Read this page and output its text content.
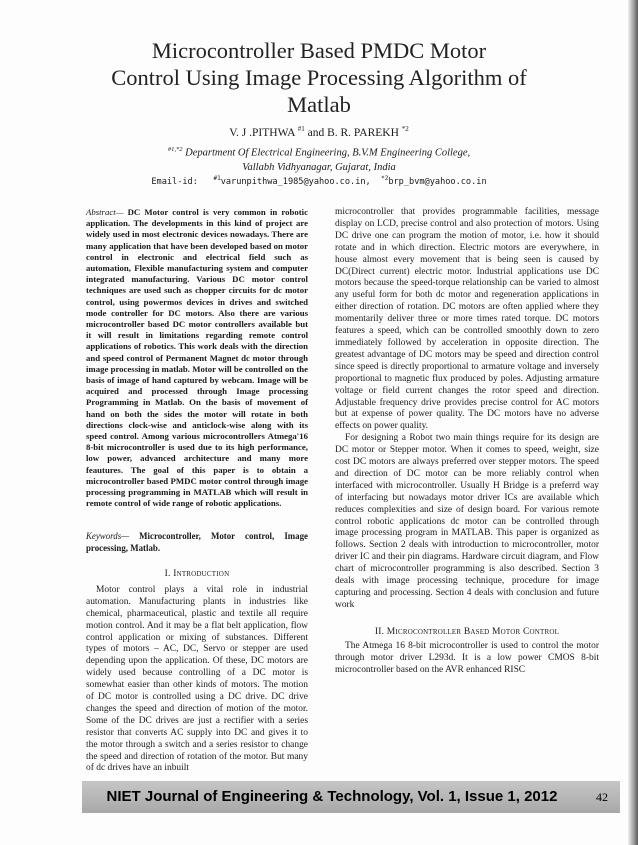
Microcontroller Based PMDC Motor
Control Using Image Processing Algorithm of
Matlab
V. J .PITHWA $^{\#1}$ and B. R. PAREKH $^{*2}$
$^{\#1,*2}$ Department Of Electrical Engineering, B.V.M Engineering College,
Vallabh Vidhyanagar, Gujarat, India
Email-id:	$^{\#1}$varunpithwa_1985@yahoo.co.in, $^{*2}$brp_bvm@yahoo.co.in

Abstract— DC Motor control is very common in robotic application. The developments in this kind of project are widely used in most electronic devices nowadays. There are many application that have been developed based on motor control in electronic and electrical field such as automation, Flexible manufacturing system and computer integrated manufacturing. Various DC motor control techniques are used such as chopper circuits for dc motor control, using powermos devices in drives and switched mode controller for DC motors. Also there are various microcontroller based DC motor controllers available but it will result in limitations regarding remote control applications of robotics. This work deals with the direction and speed control of Permanent Magnet dc motor through image processing in matlab. Motor will be controlled on the basis of image of hand captured by webcam. Image will be acquired and processed through Image processing Programming in Matlab. On the basis of movement of hand on both the sides the motor will rotate in both directions clock-wise and anticlock-wise along with its speed control. Among various microcontrollers Atmega'16 8-bit microcontroller is used due to its high performance, low power, advanced architecture and many more feautures. The goal of this paper is to obtain a microcontroller based PMDC motor control through image processing programming in MATLAB which will result in remote control of wide range of robotic applications.

Keywords— Microcontroller, Motor control, Image processing, Matlab.

I. Introduction

Motor control plays a vital role in industrial automation. Manufacturing plants in industries like chemical, pharmaceutical, plastic and textile all require motion control. And it may be a flat belt application, flow control application or mixing of substances. Different types of motors – AC, DC, Servo or stepper are used depending upon the application. Of these, DC motors are widely used because controlling of a DC motor is somewhat easier than other kinds of motors. The motion of DC motor is controlled using a DC drive. DC drive changes the speed and direction of motion of the motor. Some of the DC drives are just a rectifier with a series resistor that converts AC supply into DC and gives it to the motor through a switch and a series resistor to change the speed and direction of rotation of the motor. But many of dc drives have an inbuilt

microcontroller that provides programmable facilities, message display on LCD, precise control and also protection of motors. Using DC drive one can program the motion of motor, i.e. how it should rotate and in which direction. Electric motors are everywhere, in house almost every movement that is being seen is caused by DC(Direct current) electric motor. Industrial applications use DC motors because the speed-torque relationship can be varied to almost any useful form for both dc motor and regeneration applications in either direction of rotation. DC motors are often applied where they momentarily deliver three or more times rated torque. DC motors features a speed, which can be controlled smoothly down to zero immediately followed by acceleration in opposite direction. The greatest advantage of DC motors may be speed and direction control since speed is directly proportional to armature voltage and inversely proportional to magnetic flux produced by poles. Adjusting armature voltage or field current changes the rotor speed and direction. Adjustable frequency drive provides precise control for AC motors but at expense of power quality. The DC motors have no adverse effects on power quality.

For designing a Robot two main things require for its design are DC motor or Stepper motor. When it comes to speed, weight, size cost DC motors are always preferred over stepper motors. The speed and direction of DC motor can be more reliably control when interfaced with microcontroller. Usually H Bridge is a preferrd way of interfacing but nowadays motor driver ICs are available which reduces complexities and size of design board. For various remote control robotic applications dc motor can be controlled through image processing program in MATLAB. This paper is organized as follows. Section 2 deals with introduction to microcontroller, motor driver IC and their pin diagrams. Hardware circuit diagram, and Flow chart of microcontroller programming is also described. Section 3 deals with image processing technique, procedure for image capturing and processing. Section 4 deals with conclusion and future work

II. Microcontroller Based Motor Control

The Atmega 16 8-bit microcontroller is used to control the motor through motor driver L293d. It is a low power CMOS 8-bit microcontroller based on the AVR enhanced RISC

NIET Journal of Engineering & Technology, Vol. 1, Issue 1, 2012	42
